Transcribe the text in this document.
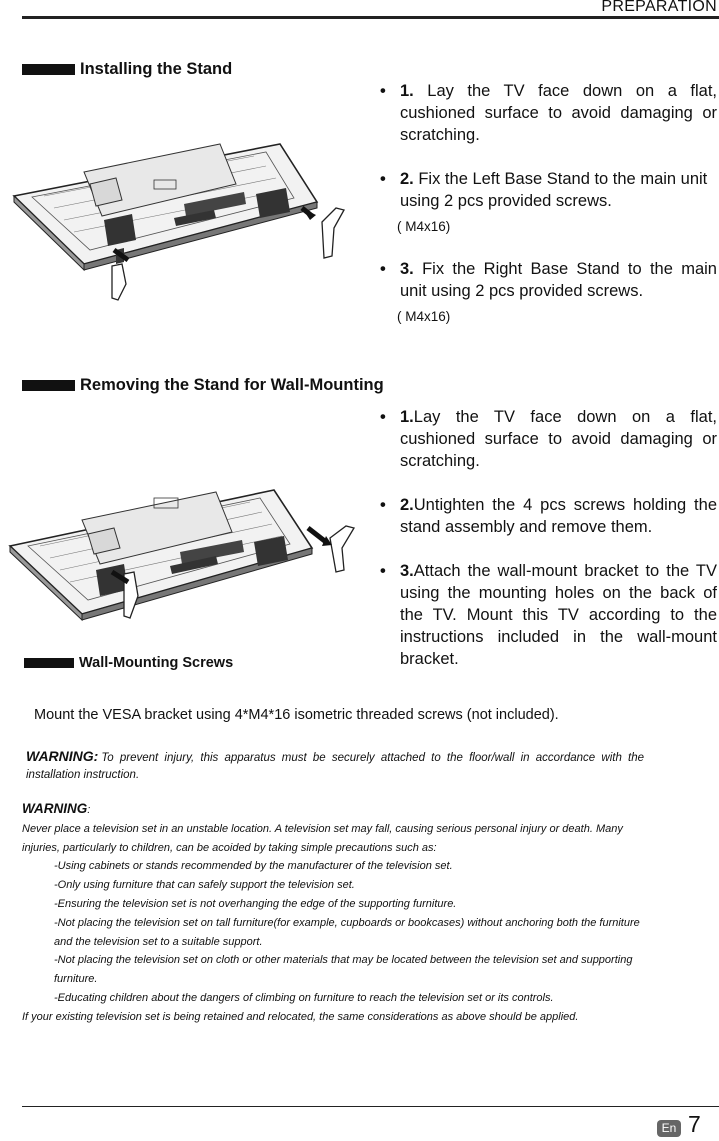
PREPARATION
Installing the Stand
• 1. Lay the TV face down on a flat, cushioned surface to avoid damaging or scratching.
• 2. Fix the Left Base Stand to the main unit using 2 pcs provided screws.
( M4x16)
• 3. Fix the Right Base Stand to the main unit using 2 pcs provided screws.
( M4x16)
Removing the Stand for Wall-Mounting
• 1.Lay the TV face down on a flat, cushioned surface to avoid damaging or scratching.
• 2.Untighten the 4 pcs screws holding the stand assembly and remove them.
• 3.Attach the wall-mount bracket to the TV using the mounting holes on the back of the TV. Mount this TV according to the instructions included in the wall-mount bracket.
Wall-Mounting Screws
Mount the VESA bracket using 4*M4*16 isometric threaded screws (not included).
WARNING: To prevent injury, this apparatus must be securely attached to the floor/wall in accordance with the installation instruction.
WARNING:
Never place a television set in an unstable location. A television set may fall, causing serious personal injury or death. Many injuries, particularly to children, can be acoided by taking simple precautions such as:
-Using cabinets or stands recommended by the manufacturer of the television set.
-Only using furniture that can safely support the television set.
-Ensuring the television set is not overhanging the edge of the supporting furniture.
-Not placing the television set on tall furniture(for example, cupboards or bookcases) without anchoring both the furniture and the television set to a suitable support.
-Not placing the television set on cloth or other materials that may be located between the television set and supporting furniture.
-Educating children about the dangers of climbing on furniture to reach the television set or its controls.
If your existing television set is being retained and relocated, the same considerations as above should be applied.
En 7
